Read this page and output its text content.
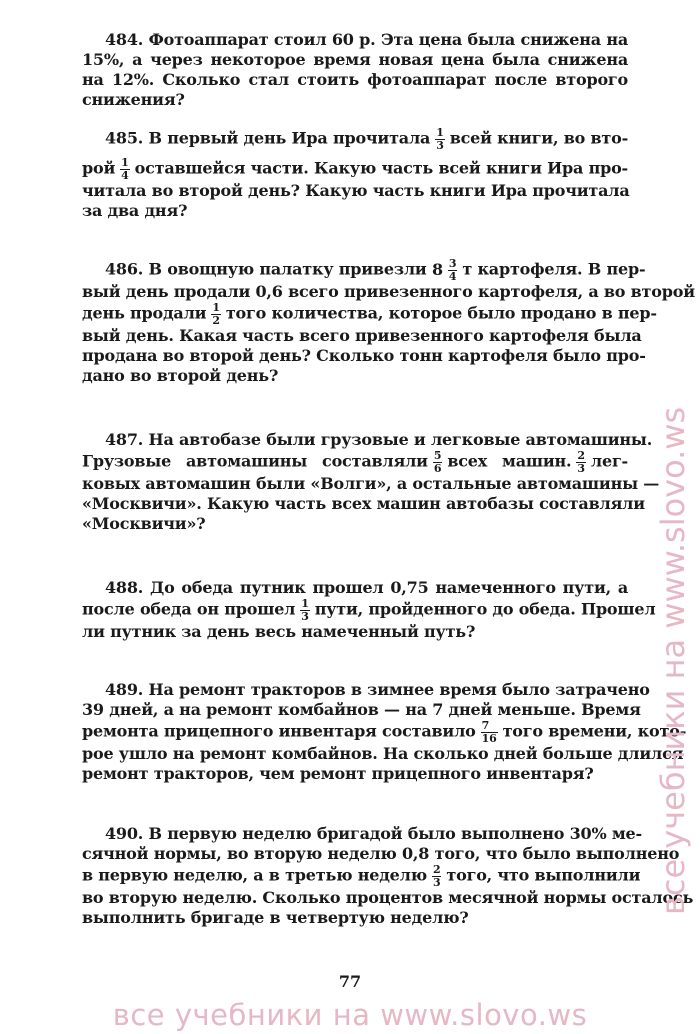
484. Фотоаппарат стоил 60 р. Эта цена была снижена на
15%, а через некоторое время новая цена была снижена
на 12%. Сколько стал стоить фотоаппарат после второго
снижения?
485. В первый день Ира прочитала $\frac{1}{3}$ всей книги, во вто-
рой $\frac{1}{4}$ оставшейся части. Какую часть всей книги Ира про-
читала во второй день? Какую часть книги Ира прочитала
за два дня?
486. В овощную палатку привезли $8 \frac{3}{4}$ т картофеля. В пер-
вый день продали 0,6 всего привезенного картофеля, а во второй
день продали $\frac{1}{2}$ того количества, которое было продано в пер-
вый день. Какая часть всего привезенного картофеля была
продана во второй день? Сколько тонн картофеля было про-
дано во второй день?
487. На автобазе были грузовые и легковые автомашины.
Грузовые автомашины составляли $\frac{5}{6}$ всех машин. $\frac{2}{3} лег-$
ковых автомашин были «Волги», а остальные автомашины —
«Москвичи». Какую часть всех машин автобазы составляли
«Москвичи»?
488. До обеда путник прошел 0,75 намеченного пути, а
после обеда он прошел $\frac{1}{3}$ пути, пройденного до обеда. Прошел
ли путник за день весь намеченный путь?
489. На ремонт тракторов в зимнее время было затрачено
39 дней, а на ремонт комбайнов — на 7 дней меньше. Время
ремонта прицепного инвентаря составило $\frac{7}{16}$ того времени, кото-
рое ушло на ремонт комбайнов. На сколько дней больше длился
ремонт тракторов, чем ремонт прицепного инвентаря?
490. В первую неделю бригадой было выполнено 30% ме-
сячной нормы, во вторую неделю 0,8 того, что было выполнено
в первую неделю, а в третью неделю $\frac{2}{3}$ того, что выполнили
во вторую неделю. Сколько процентов месячной нормы осталось
выполнить бригаде в четвертую неделю?
77
все учебники на www.slovo.ws
все учебники на www.slovo.ws
